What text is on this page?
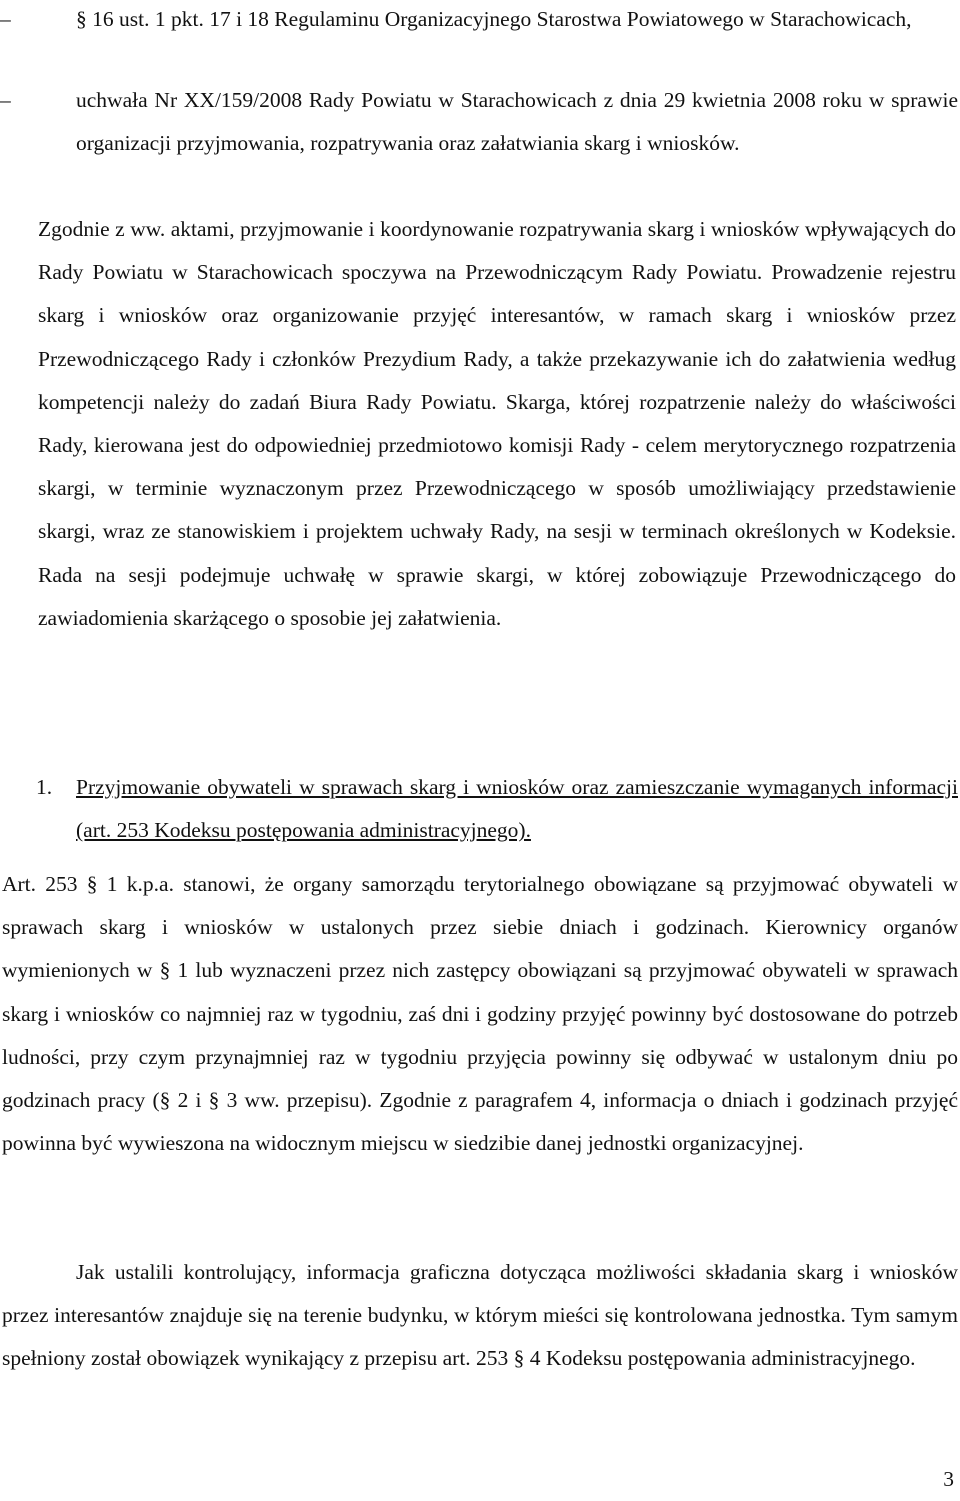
–	§ 16 ust. 1 pkt. 17 i 18 Regulaminu Organizacyjnego Starostwa Powiatowego w Starachowicach,

–	uchwała Nr XX/159/2008 Rady Powiatu w Starachowicach z dnia 29 kwietnia 2008 roku w sprawie organizacji przyjmowania, rozpatrywania oraz załatwiania skarg i wniosków.

Zgodnie z ww. aktami, przyjmowanie i koordynowanie rozpatrywania skarg i wniosków wpływających do Rady Powiatu w Starachowicach spoczywa na Przewodniczącym Rady Powiatu. Prowadzenie rejestru skarg i wniosków oraz organizowanie przyjęć interesantów, w ramach skarg i wniosków przez Przewodniczącego Rady i członków Prezydium Rady, a także przekazywanie ich do załatwienia według kompetencji należy do zadań Biura Rady Powiatu. Skarga, której rozpatrzenie należy do właściwości Rady, kierowana jest do odpowiedniej przedmiotowo komisji Rady - celem merytorycznego rozpatrzenia skargi, w terminie wyznaczonym przez Przewodniczącego w sposób umożliwiający przedstawienie skargi, wraz ze stanowiskiem i projektem uchwały Rady, na sesji w terminach określonych w Kodeksie. Rada na sesji podejmuje uchwałę w sprawie skargi, w której zobowiązuje Przewodniczącego do zawiadomienia skarżącego o sposobie jej załatwienia.

1. Przyjmowanie obywateli w sprawach skarg i wniosków oraz zamieszczanie wymaganych informacji (art. 253 Kodeksu postępowania administracyjnego).

Art. 253 § 1 k.p.a. stanowi, że organy samorządu terytorialnego obowiązane są przyjmować obywateli w sprawach skarg i wniosków w ustalonych przez siebie dniach i godzinach. Kierownicy organów wymienionych w § 1 lub wyznaczeni przez nich zastępcy obowiązani są przyjmować obywateli w sprawach skarg i wniosków co najmniej raz w tygodniu, zaś dni i godziny przyjęć powinny być dostosowane do potrzeb ludności, przy czym przynajmniej raz w tygodniu przyjęcia powinny się odbywać w ustalonym dniu po godzinach pracy (§ 2 i § 3 ww. przepisu). Zgodnie z paragrafem 4, informacja o dniach i godzinach przyjęć powinna być wywieszona na widocznym miejscu w siedzibie danej jednostki organizacyjnej.

Jak ustalili kontrolujący, informacja graficzna dotycząca możliwości składania skarg i wniosków przez interesantów znajduje się na terenie budynku, w którym mieści się kontrolowana jednostka. Tym samym spełniony został obowiązek wynikający z przepisu art. 253 § 4 Kodeksu postępowania administracyjnego.

3
